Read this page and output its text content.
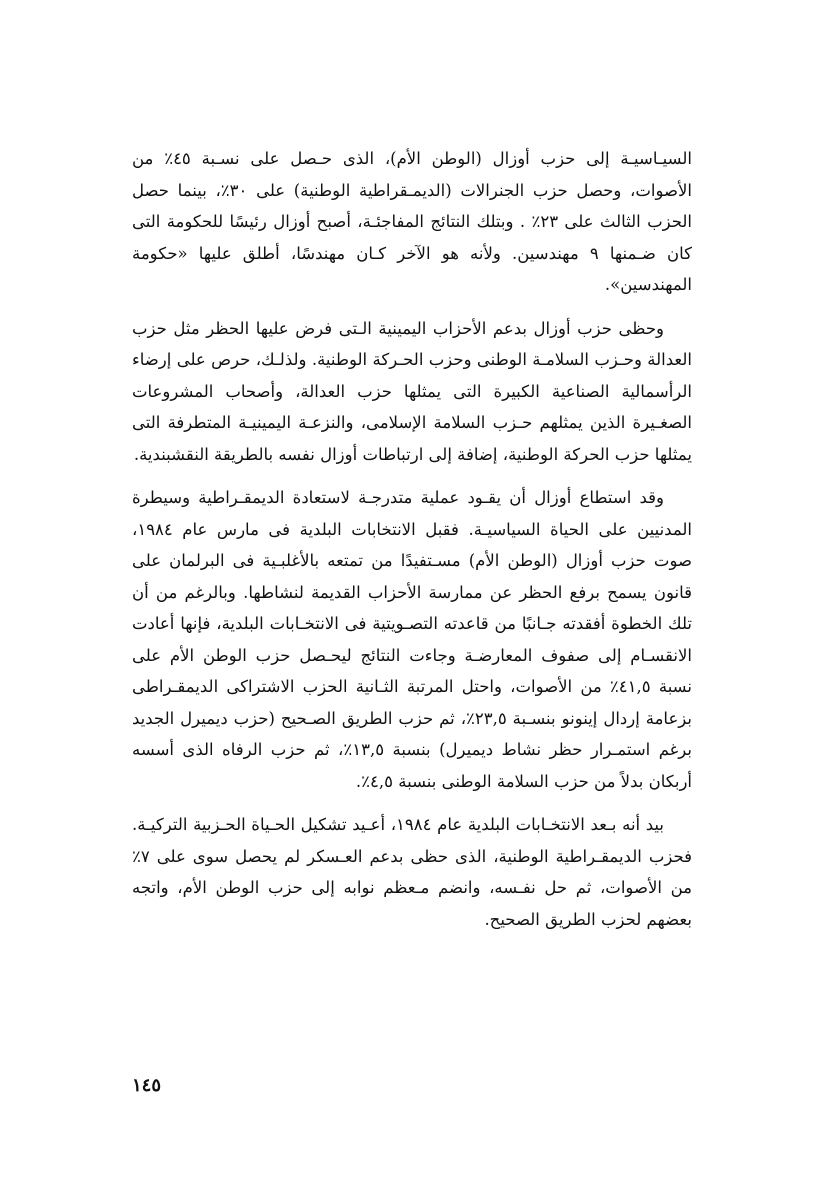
السيـاسيـة إلى حزب أوزال (الوطن الأم)، الذى حـصل على نسـبة ٤٥٪ من الأصوات، وحصل حزب الجنرالات (الديمـقراطية الوطنية) على ٣٠٪، بينما حصل الحزب الثالث على ٢٣٪ . وبتلك النتائج المفاجئـة، أصبح أوزال رئيسًا للحكومة التى كان ضـمنها ٩ مهندسين. ولأنه هو الآخر كـان مهندسًا، أطلق عليها «حكومة المهندسين».

وحظى حزب أوزال بدعم الأحزاب اليمينية الـتى فرض عليها الحظر مثل حزب العدالة وحـزب السلامـة الوطنى وحزب الحـركة الوطنية. ولذلـك، حرص على إرضاء الرأسمالية الصناعية الكبيرة التى يمثلها حزب العدالة، وأصحاب المشروعات الصغـيرة الذين يمثلهم حـزب السلامة الإسلامى، والنزعـة اليمينيـة المتطرفة التى يمثلها حزب الحركة الوطنية، إضافة إلى ارتباطات أوزال نفسه بالطريقة النقشبندية.

وقد استطاع أوزال أن يقـود عملية متدرجـة لاستعادة الديمقـراطية وسيطرة المدنيين على الحياة السياسيـة. فقبل الانتخابات البلدية فى مارس عام ١٩٨٤، صوت حزب أوزال (الوطن الأم) مسـتفيدًا من تمتعه بالأغلبـية فى البرلمان على قانون يسمح برفع الحظر عن ممارسة الأحزاب القديمة لنشاطها. وبالرغم من أن تلك الخطوة أفقدته جـانبًا من قاعدته التصـويتية فى الانتخـابات البلدية، فإنها أعادت الانقسـام إلى صفوف المعارضـة وجاءت النتائج ليحـصل حزب الوطن الأم على نسبة ٤١,٥٪ من الأصوات، واحتل المرتبة الثـانية الحزب الاشتراكى الديمقـراطى بزعامة إردال إينونو بنسـبة ٢٣,٥٪، ثم حزب الطريق الصـحيح (حزب ديميرل الجديد برغم استمـرار حظر نشاط ديميرل) بنسبة ١٣,٥٪، ثم حزب الرفاه الذى أسسه أربكان بدلاً من حزب السلامة الوطنى بنسبة ٤,٥٪.

بيد أنه بـعد الانتخـابات البلدية عام ١٩٨٤، أعـيد تشكيل الحـياة الحـزبية التركيـة. فحزب الديمقـراطية الوطنية، الذى حظى بدعم العـسكر لم يحصل سوى على ٧٪ من الأصوات، ثم حل نفـسه، وانضم مـعظم نوابه إلى حزب الوطن الأم، واتجه بعضهم لحزب الطريق الصحيح.

١٤٥
